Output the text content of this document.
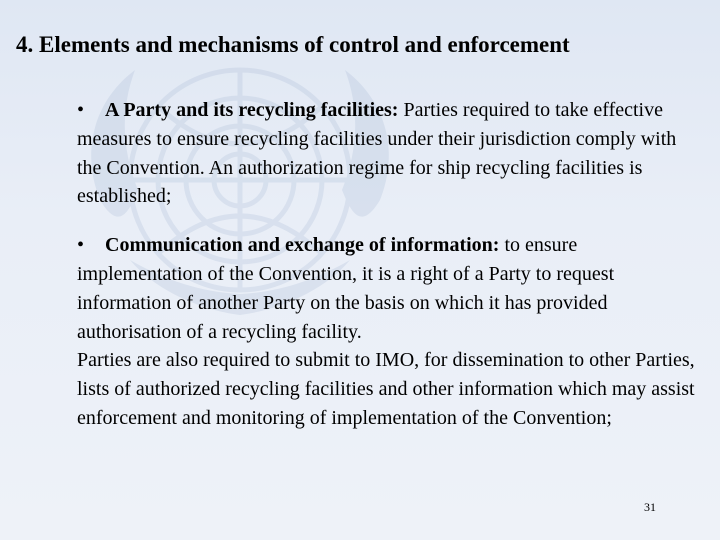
4. Elements and mechanisms of control and enforcement

• A Party and its recycling facilities: Parties required to take effective measures to ensure recycling facilities under their jurisdiction comply with the Convention. An authorization regime for ship recycling facilities is established;

• Communication and exchange of information: to ensure implementation of the Convention, it is a right of a Party to request information of another Party on the basis on which it has provided authorisation of a recycling facility.
Parties are also required to submit to IMO, for dissemination to other Parties, lists of authorized recycling facilities and other information which may assist enforcement and monitoring of implementation of the Convention;

31
